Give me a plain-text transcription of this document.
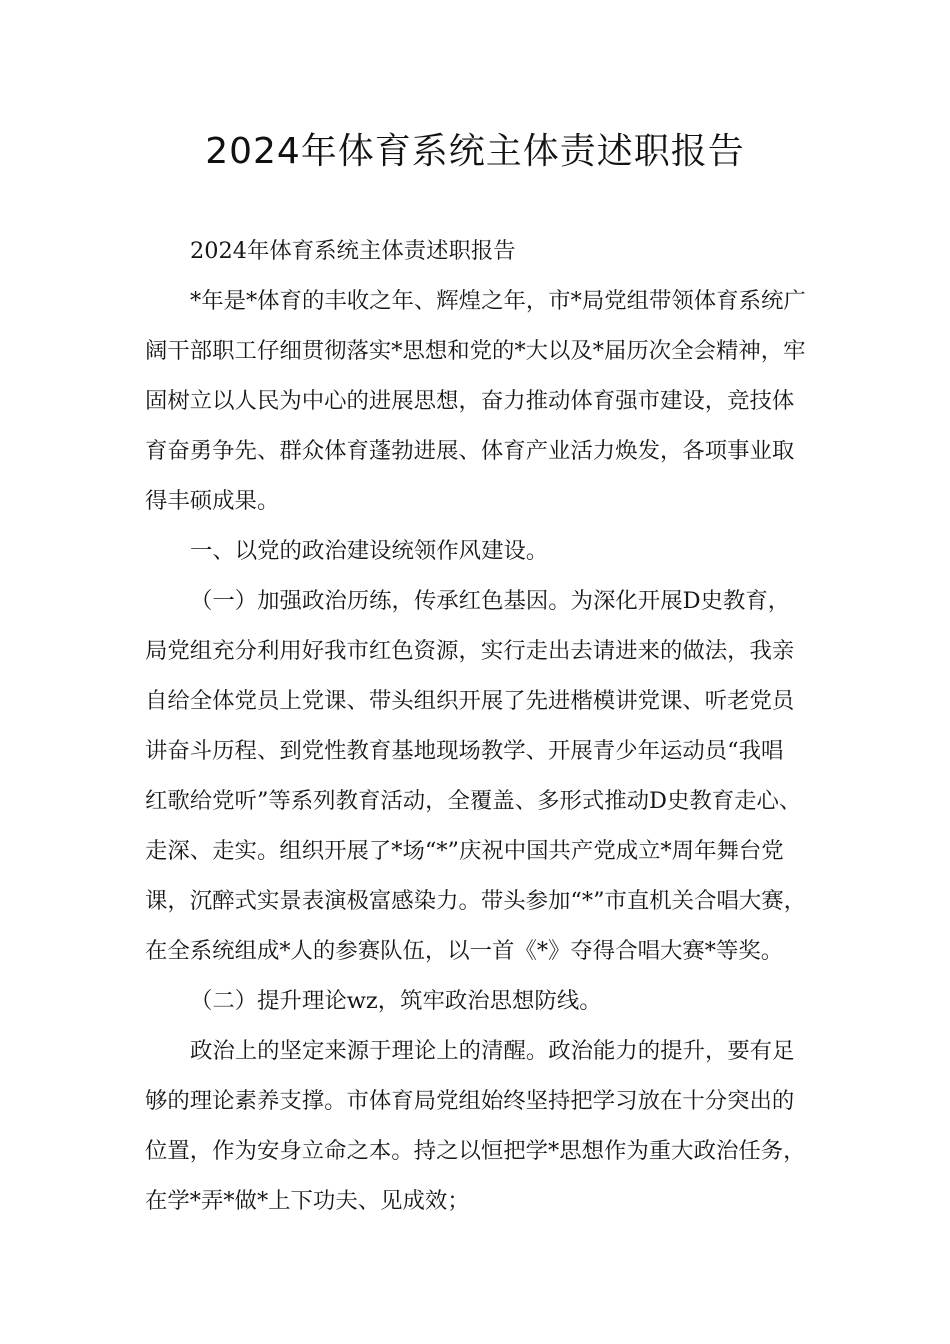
2024年体育系统主体责述职报告
2024年体育系统主体责述职报告
*年是*体育的丰收之年、辉煌之年，市*局党组带领体育系统广
阔干部职工仔细贯彻落实*思想和党的*大以及*届历次全会精神，牢
固树立以人民为中心的进展思想，奋力推动体育强市建设，竞技体
育奋勇争先、群众体育蓬勃进展、体育产业活力焕发，各项事业取
得丰硕成果。
一、以党的政治建设统领作风建设。
（一）加强政治历练，传承红色基因。为深化开展D史教育，
局党组充分利用好我市红色资源，实行走出去请进来的做法，我亲
自给全体党员上党课、带头组织开展了先进楷模讲党课、听老党员
讲奋斗历程、到党性教育基地现场教学、开展青少年运动员“我唱
红歌给党听”等系列教育活动，全覆盖、多形式推动D史教育走心、
走深、走实。组织开展了*场“*”庆祝中国共产党成立*周年舞台党
课，沉醉式实景表演极富感染力。带头参加“*”市直机关合唱大赛，
在全系统组成*人的参赛队伍，以一首《*》夺得合唱大赛*等奖。
（二）提升理论wz，筑牢政治思想防线。
政治上的坚定来源于理论上的清醒。政治能力的提升，要有足
够的理论素养支撑。市体育局党组始终坚持把学习放在十分突出的
位置，作为安身立命之本。持之以恒把学*思想作为重大政治任务，
在学*弄*做*上下功夫、见成效；
